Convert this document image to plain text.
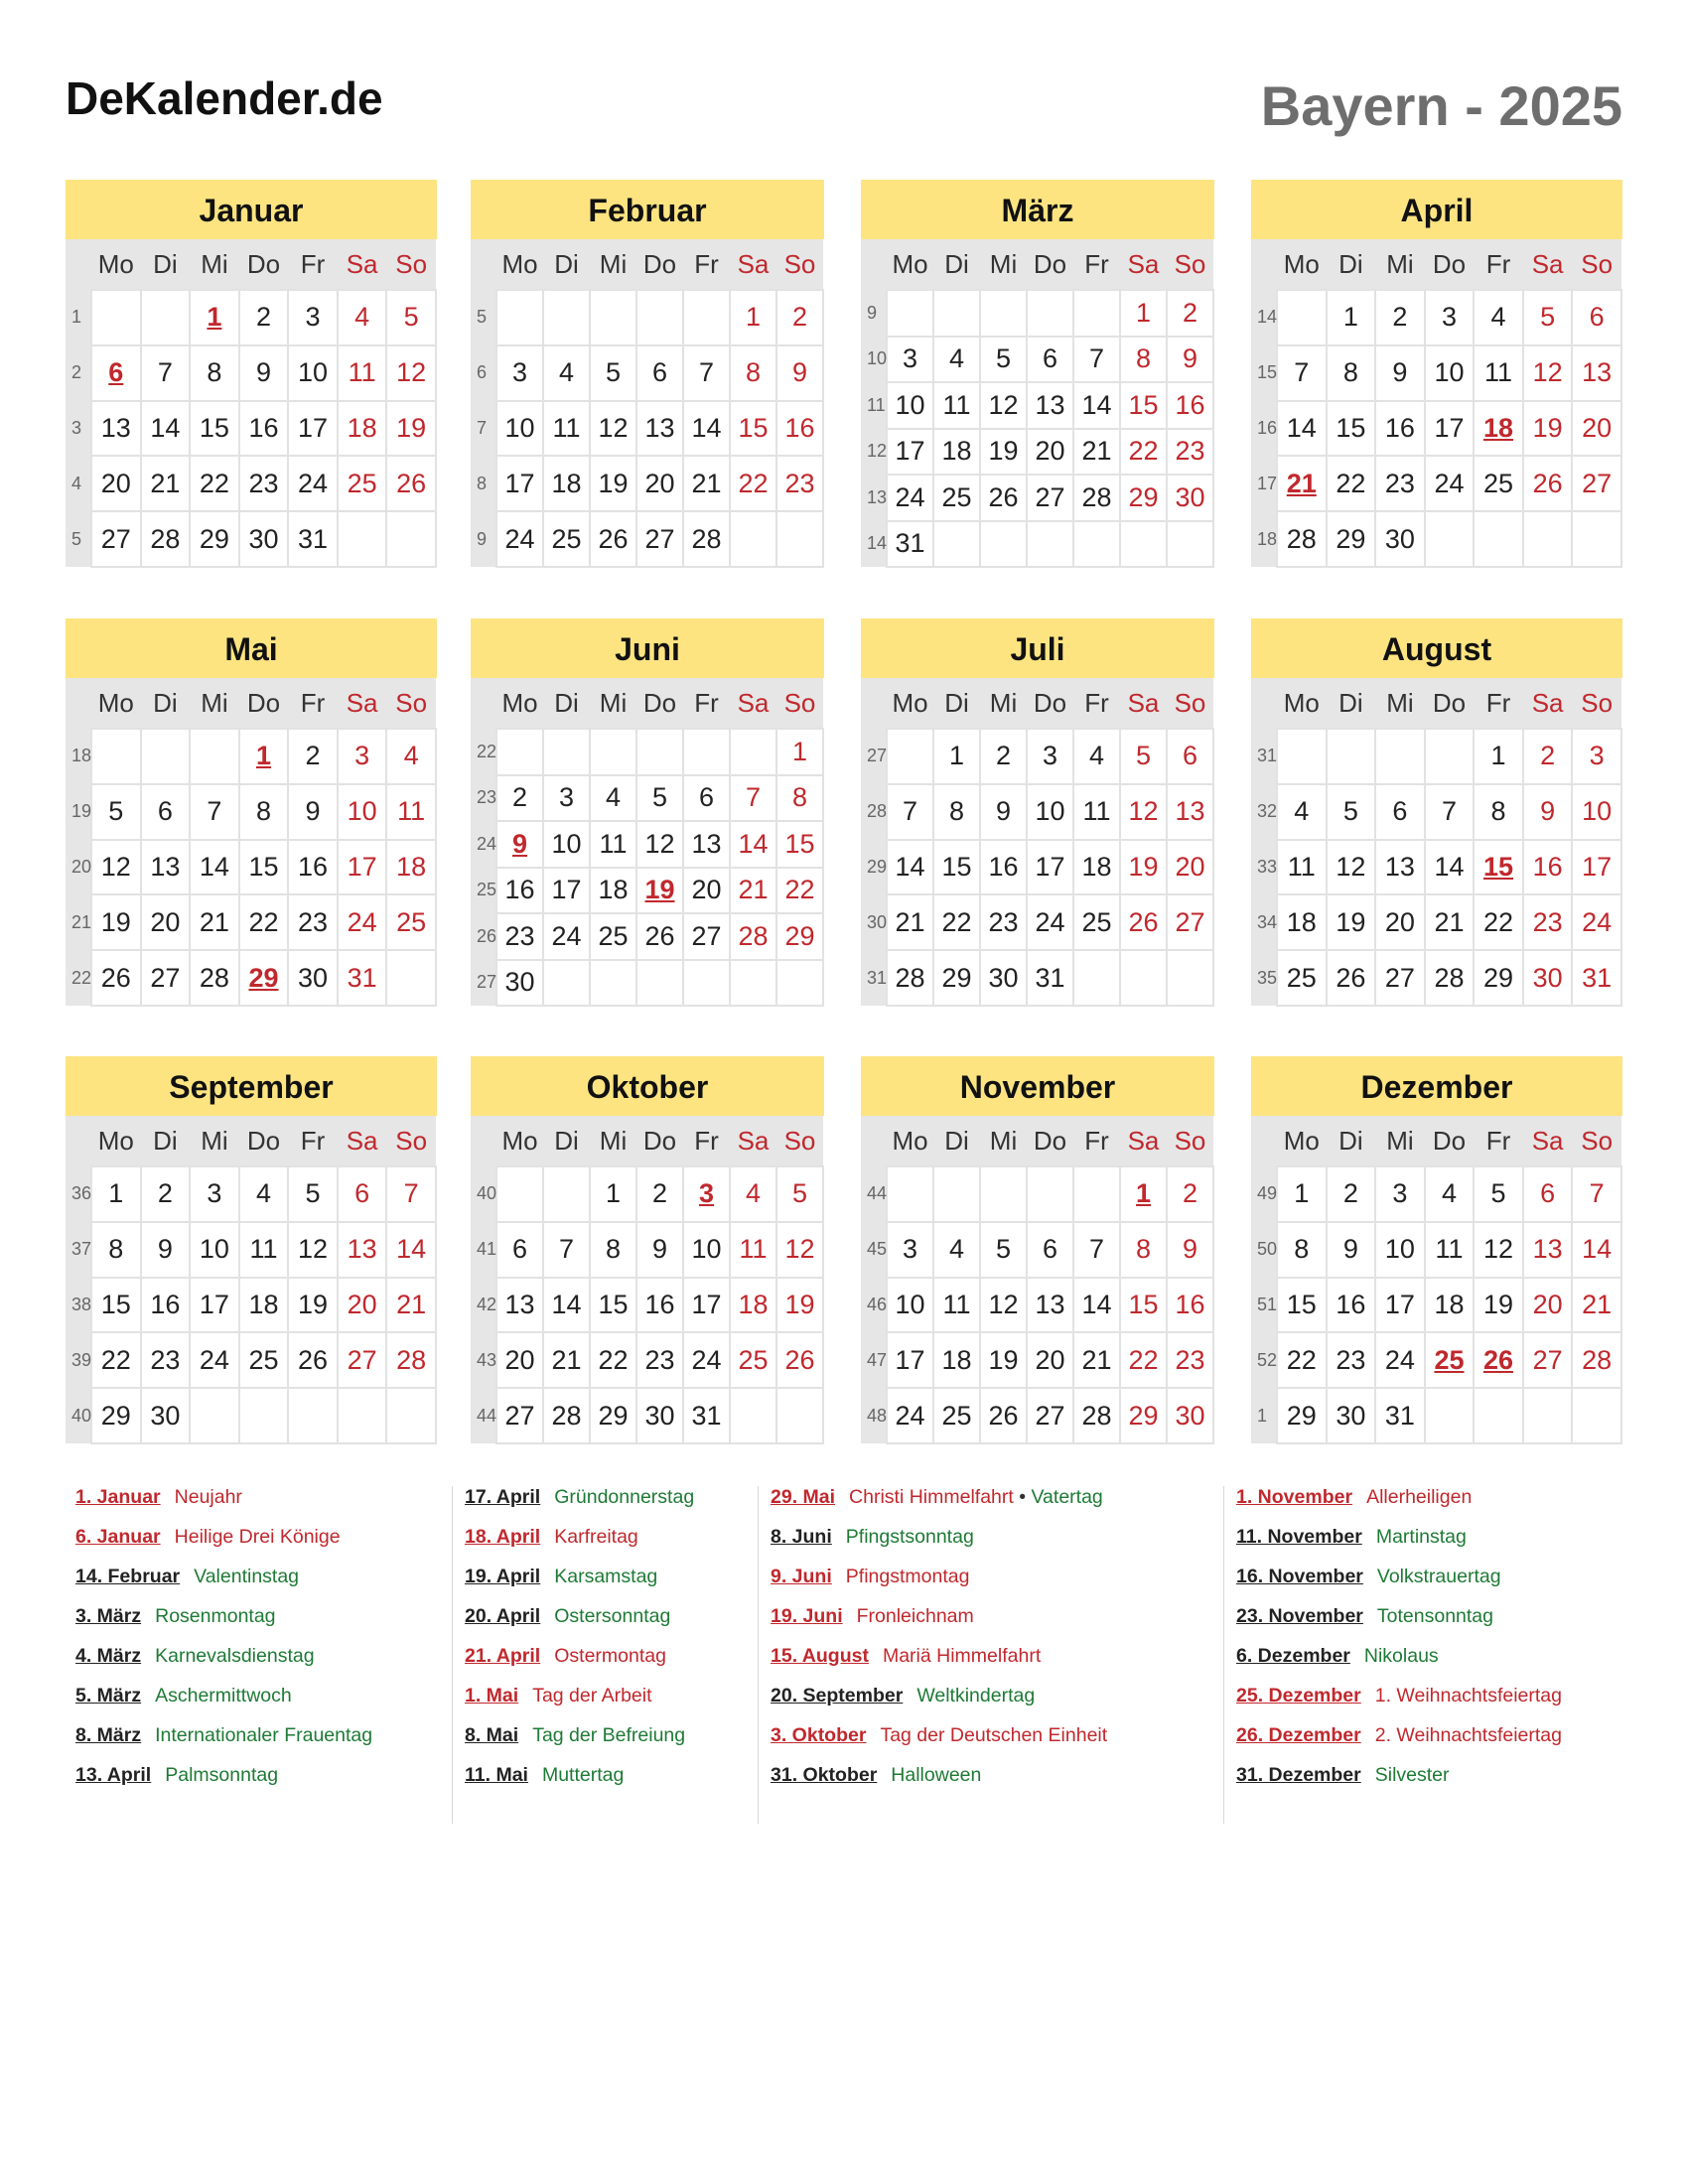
DeKalender.de	Bayern - 2025
Januar
	Mo	Di	Mi	Do	Fr	Sa	So
1			1	2	3	4	5
2	6	7	8	9	10	11	12
3	13	14	15	16	17	18	19
4	20	21	22	23	24	25	26
5	27	28	29	30	31		
Februar
	Mo	Di	Mi	Do	Fr	Sa	So
5						1	2
6	3	4	5	6	7	8	9
7	10	11	12	13	14	15	16
8	17	18	19	20	21	22	23
9	24	25	26	27	28		
März
	Mo	Di	Mi	Do	Fr	Sa	So
9						1	2
10	3	4	5	6	7	8	9
11	10	11	12	13	14	15	16
12	17	18	19	20	21	22	23
13	24	25	26	27	28	29	30
14	31						
April
	Mo	Di	Mi	Do	Fr	Sa	So
14		1	2	3	4	5	6
15	7	8	9	10	11	12	13
16	14	15	16	17	18	19	20
17	21	22	23	24	25	26	27
18	28	29	30				
Mai
	Mo	Di	Mi	Do	Fr	Sa	So
18				1	2	3	4
19	5	6	7	8	9	10	11
20	12	13	14	15	16	17	18
21	19	20	21	22	23	24	25
22	26	27	28	29	30	31	
Juni
	Mo	Di	Mi	Do	Fr	Sa	So
22							1
23	2	3	4	5	6	7	8
24	9	10	11	12	13	14	15
25	16	17	18	19	20	21	22
26	23	24	25	26	27	28	29
27	30						
Juli
	Mo	Di	Mi	Do	Fr	Sa	So
27		1	2	3	4	5	6
28	7	8	9	10	11	12	13
29	14	15	16	17	18	19	20
30	21	22	23	24	25	26	27
31	28	29	30	31			
August
	Mo	Di	Mi	Do	Fr	Sa	So
31					1	2	3
32	4	5	6	7	8	9	10
33	11	12	13	14	15	16	17
34	18	19	20	21	22	23	24
35	25	26	27	28	29	30	31
September
	Mo	Di	Mi	Do	Fr	Sa	So
36	1	2	3	4	5	6	7
37	8	9	10	11	12	13	14
38	15	16	17	18	19	20	21
39	22	23	24	25	26	27	28
40	29	30					
Oktober
	Mo	Di	Mi	Do	Fr	Sa	So
40			1	2	3	4	5
41	6	7	8	9	10	11	12
42	13	14	15	16	17	18	19
43	20	21	22	23	24	25	26
44	27	28	29	30	31		
November
	Mo	Di	Mi	Do	Fr	Sa	So
44						1	2
45	3	4	5	6	7	8	9
46	10	11	12	13	14	15	16
47	17	18	19	20	21	22	23
48	24	25	26	27	28	29	30
Dezember
	Mo	Di	Mi	Do	Fr	Sa	So
49	1	2	3	4	5	6	7
50	8	9	10	11	12	13	14
51	15	16	17	18	19	20	21
52	22	23	24	25	26	27	28
1	29	30	31				
1. Januar Neujahr
6. Januar Heilige Drei Könige
14. Februar Valentinstag
3. März Rosenmontag
4. März Karnevalsdienstag
5. März Aschermittwoch
8. März Internationaler Frauentag
13. April Palmsonntag
17. April Gründonnerstag
18. April Karfreitag
19. April Karsamstag
20. April Ostersonntag
21. April Ostermontag
1. Mai Tag der Arbeit
8. Mai Tag der Befreiung
11. Mai Muttertag
29. Mai Christi Himmelfahrt • Vatertag
8. Juni Pfingstsonntag
9. Juni Pfingstmontag
19. Juni Fronleichnam
15. August Mariä Himmelfahrt
20. September Weltkindertag
3. Oktober Tag der Deutschen Einheit
31. Oktober Halloween
1. November Allerheiligen
11. November Martinstag
16. November Volkstrauertag
23. November Totensonntag
6. Dezember Nikolaus
25. Dezember 1. Weihnachtsfeiertag
26. Dezember 2. Weihnachtsfeiertag
31. Dezember Silvester
